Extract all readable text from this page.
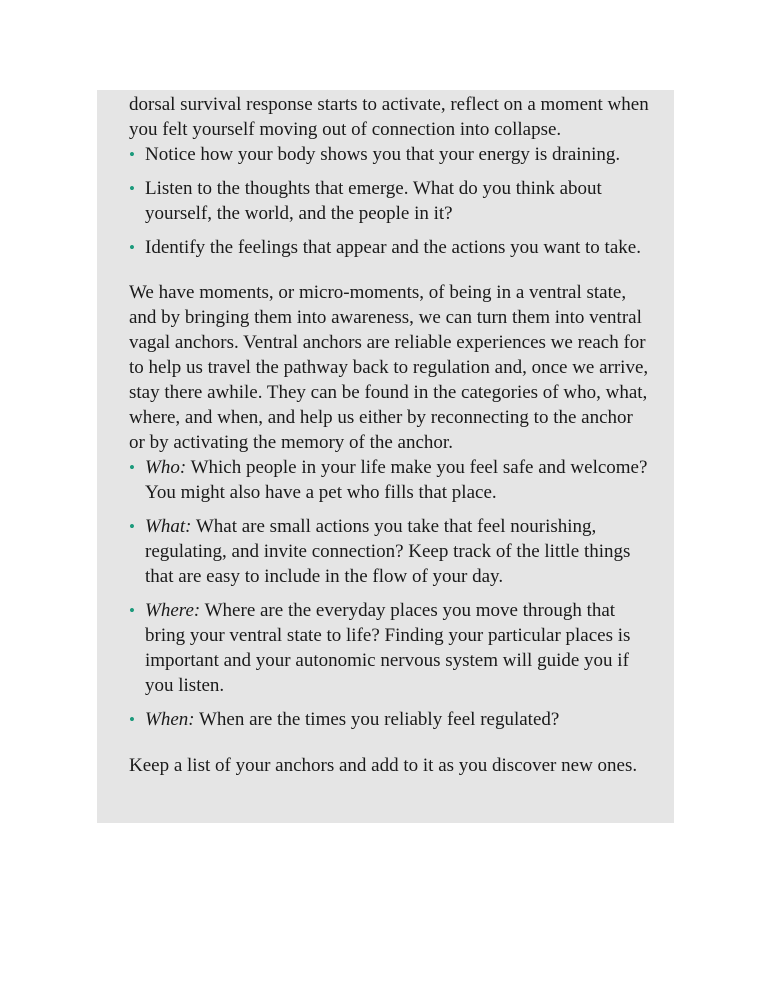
dorsal survival response starts to activate, reflect on a moment when you felt yourself moving out of connection into collapse.

• Notice how your body shows you that your energy is draining.
• Listen to the thoughts that emerge. What do you think about yourself, the world, and the people in it?
• Identify the feelings that appear and the actions you want to take.

We have moments, or micro-moments, of being in a ventral state, and by bringing them into awareness, we can turn them into ventral vagal anchors. Ventral anchors are reliable experiences we reach for to help us travel the pathway back to regulation and, once we arrive, stay there awhile. They can be found in the categories of who, what, where, and when, and help us either by reconnecting to the anchor or by activating the memory of the anchor.

• Who: Which people in your life make you feel safe and welcome? You might also have a pet who fills that place.
• What: What are small actions you take that feel nourishing, regulating, and invite connection? Keep track of the little things that are easy to include in the flow of your day.
• Where: Where are the everyday places you move through that bring your ventral state to life? Finding your particular places is important and your autonomic nervous system will guide you if you listen.
• When: When are the times you reliably feel regulated?

Keep a list of your anchors and add to it as you discover new ones.
